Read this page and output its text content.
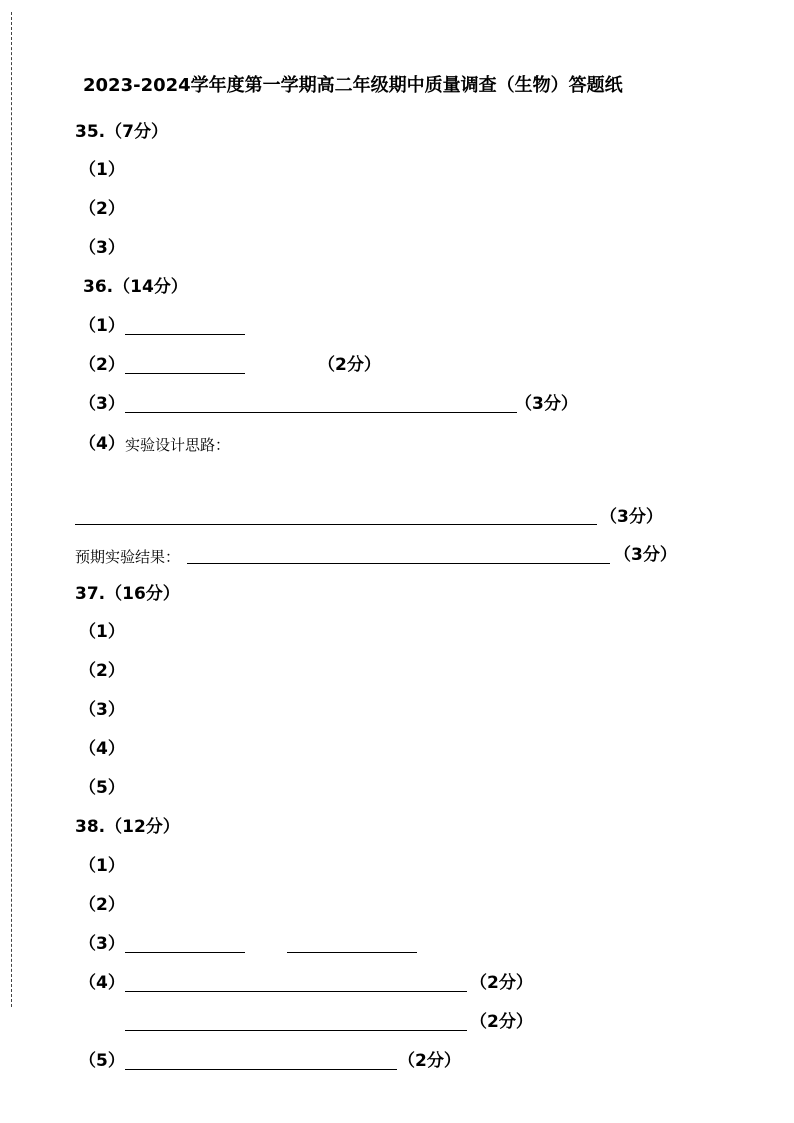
2023-2024学年度第一学期高二年级期中质量调查（生物）答题纸
35.（7分）
（1）
（2）
（3）
36.（14分）
（1）
（2）	（2分）
（3）	（3分）
（4） 实验设计思路：
（3分）
预期实验结果：	（3分）
37.（16分）
（1）
（2）
（3）
（4）
（5）
38.（12分）
（1）
（2）
（3）
（4）	（2分）
（2分）
（5）	（2分）
